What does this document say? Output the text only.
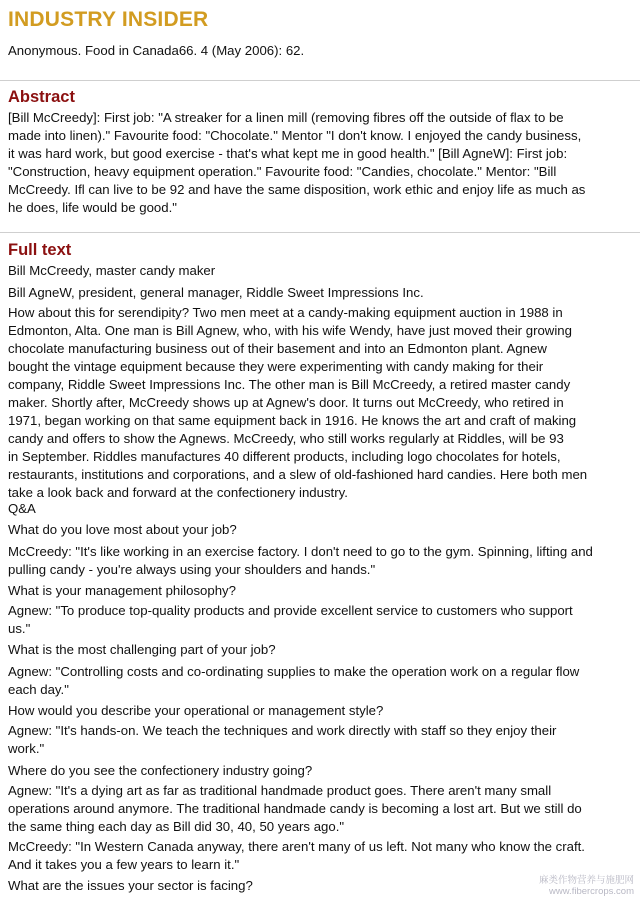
INDUSTRY INSIDER
Anonymous. Food in Canada66. 4 (May 2006): 62.
Abstract
[Bill McCreedy]: First job: "A streaker for a linen mill (removing fibres off the outside of flax to be
made into linen)." Favourite food: "Chocolate." Mentor "I don't know. I enjoyed the candy business,
it was hard work, but good exercise - that's what kept me in good health." [Bill AgneW]: First job:
"Construction, heavy equipment operation." Favourite food: "Candies, chocolate." Mentor: "Bill
McCreedy. Ifl can live to be 92 and have the same disposition, work ethic and enjoy life as much as
he does, life would be good."
Full text
Bill McCreedy, master candy maker
Bill AgneW, president, general manager, Riddle Sweet Impressions Inc.
How about this for serendipity? Two men meet at a candy-making equipment auction in 1988 in
Edmonton, Alta. One man is Bill Agnew, who, with his wife Wendy, have just moved their growing
chocolate manufacturing business out of their basement and into an Edmonton plant. Agnew
bought the vintage equipment because they were experimenting with candy making for their
company, Riddle Sweet Impressions Inc. The other man is Bill McCreedy, a retired master candy
maker. Shortly after, McCreedy shows up at Agnew's door. It turns out McCreedy, who retired in
1971, began working on that same equipment back in 1916. He knows the art and craft of making
candy and offers to show the Agnews. McCreedy, who still works regularly at Riddles, will be 93
in September. Riddles manufactures 40 different products, including logo chocolates for hotels,
restaurants, institutions and corporations, and a slew of old-fashioned hard candies. Here both men
take a look back and forward at the confectionery industry.
Q&A
What do you love most about your job?
McCreedy: "It's like working in an exercise factory. I don't need to go to the gym. Spinning, lifting and
pulling candy - you're always using your shoulders and hands."
What is your management philosophy?
Agnew: "To produce top-quality products and provide excellent service to customers who support
us."
What is the most challenging part of your job?
Agnew: "Controlling costs and co-ordinating supplies to make the operation work on a regular flow
each day."
How would you describe your operational or management style?
Agnew: "It's hands-on. We teach the techniques and work directly with staff so they enjoy their
work."
Where do you see the confectionery industry going?
Agnew: "It's a dying art as far as traditional handmade product goes. There aren't many small
operations around anymore. The traditional handmade candy is becoming a lost art. But we still do
the same thing each day as Bill did 30, 40, 50 years ago."
McCreedy: "In Western Canada anyway, there aren't many of us left. Not many who know the craft.
And it takes you a few years to learn it."
What are the issues your sector is facing?	麻类作物营养与施肥网
www.fibercrops.com
